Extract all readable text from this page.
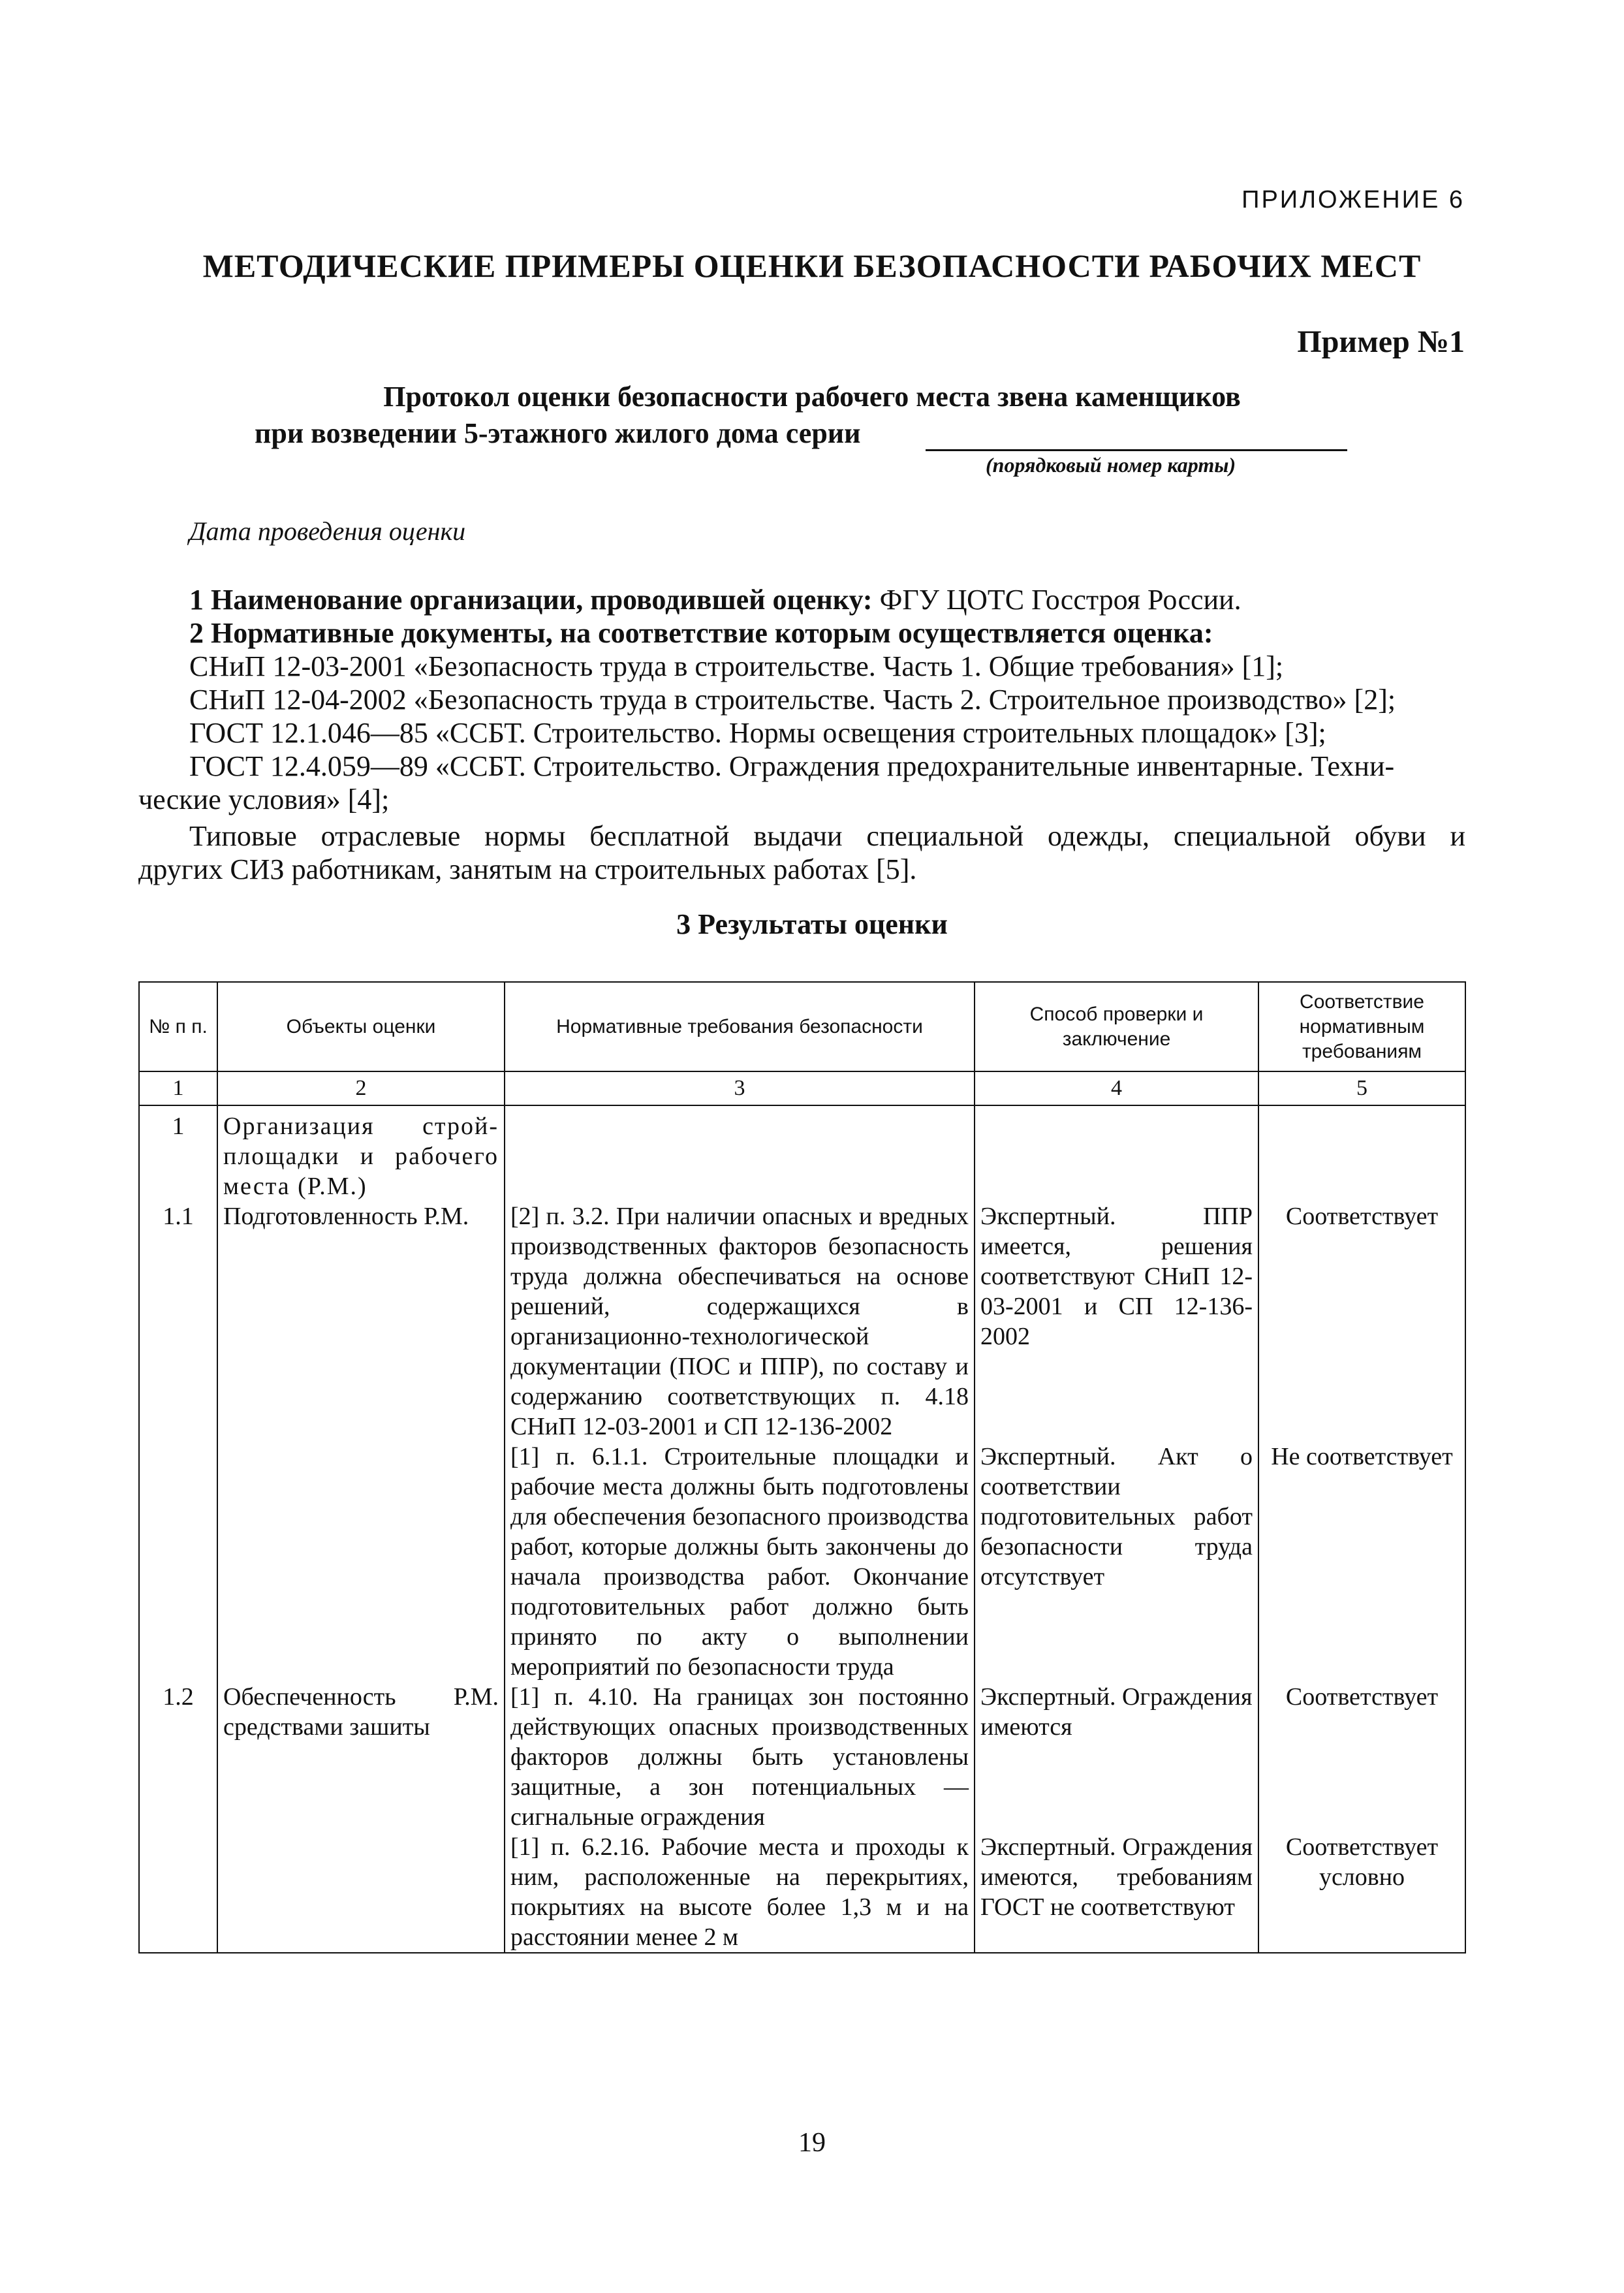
ПРИЛОЖЕНИЕ 6
МЕТОДИЧЕСКИЕ ПРИМЕРЫ ОЦЕНКИ БЕЗОПАСНОСТИ РАБОЧИХ МЕСТ
Пример №1
Протокол оценки безопасности рабочего места звена каменщиков
при возведении 5-этажного жилого дома серии
(порядковый номер карты)
Дата проведения оценки
1 Наименование организации, проводившей оценку: ФГУ ЦОТС Госстроя России.
2 Нормативные документы, на соответствие которым осуществляется оценка:
СНиП 12-03-2001 «Безопасность труда в строительстве. Часть 1. Общие требования» [1];
СНиП 12-04-2002 «Безопасность труда в строительстве. Часть 2. Строительное производство» [2];
ГОСТ 12.1.046—85 «ССБТ. Строительство. Нормы освещения строительных площадок» [3];
ГОСТ 12.4.059—89 «ССБТ. Строительство. Ограждения предохранительные инвентарные. Техни-
ческие условия» [4];
Типовые отраслевые нормы бесплатной выдачи специальной одежды, специальной обуви и
других СИЗ работникам, занятым на строительных работах [5].
3 Результаты оценки
№ п п.	Объекты оценки	Нормативные требования безопасности	Способ проверки и заключение	Соответствие нормативным требованиям
1	2	3	4	5
1	Организация строй-площадки и рабочего места (Р.М.)			
1.1	Подготовленность Р.М.	[2] п. 3.2. При наличии опасных и вредных производственных факторов безопасность труда должна обеспечиваться на основе решений, содержащихся в организационно-технологической документации (ПОС и ППР), по составу и содержанию соответствующих п. 4.18 СНиП 12-03-2001 и СП 12-136-2002	Экспертный. ППР имеется, решения соответствуют СНиП 12-03-2001 и СП 12-136-2002	Соответствует
		[1] п. 6.1.1. Строительные площадки и рабочие места должны быть подготовлены для обеспечения безопасного производства работ, которые должны быть закончены до начала производства работ. Окончание подготовительных работ должно быть принято по акту о выполнении мероприятий по безопасности труда	Экспертный. Акт о соответствии подготовительных работ безопасности труда отсутствует	Не соответствует
1.2	Обеспеченность Р.М. средствами зашиты	[1] п. 4.10. На границах зон постоянно действующих опасных производственных факторов должны быть установлены защитные, а зон потенциальных — сигнальные ограждения	Экспертный. Ограждения имеются	Соответствует
		[1] п. 6.2.16. Рабочие места и проходы к ним, расположенные на перекрытиях, покрытиях на высоте более 1,3 м и на расстоянии менее 2 м	Экспертный. Ограждения имеются, требованиям ГОСТ не соответствуют	Соответствует условно
19
